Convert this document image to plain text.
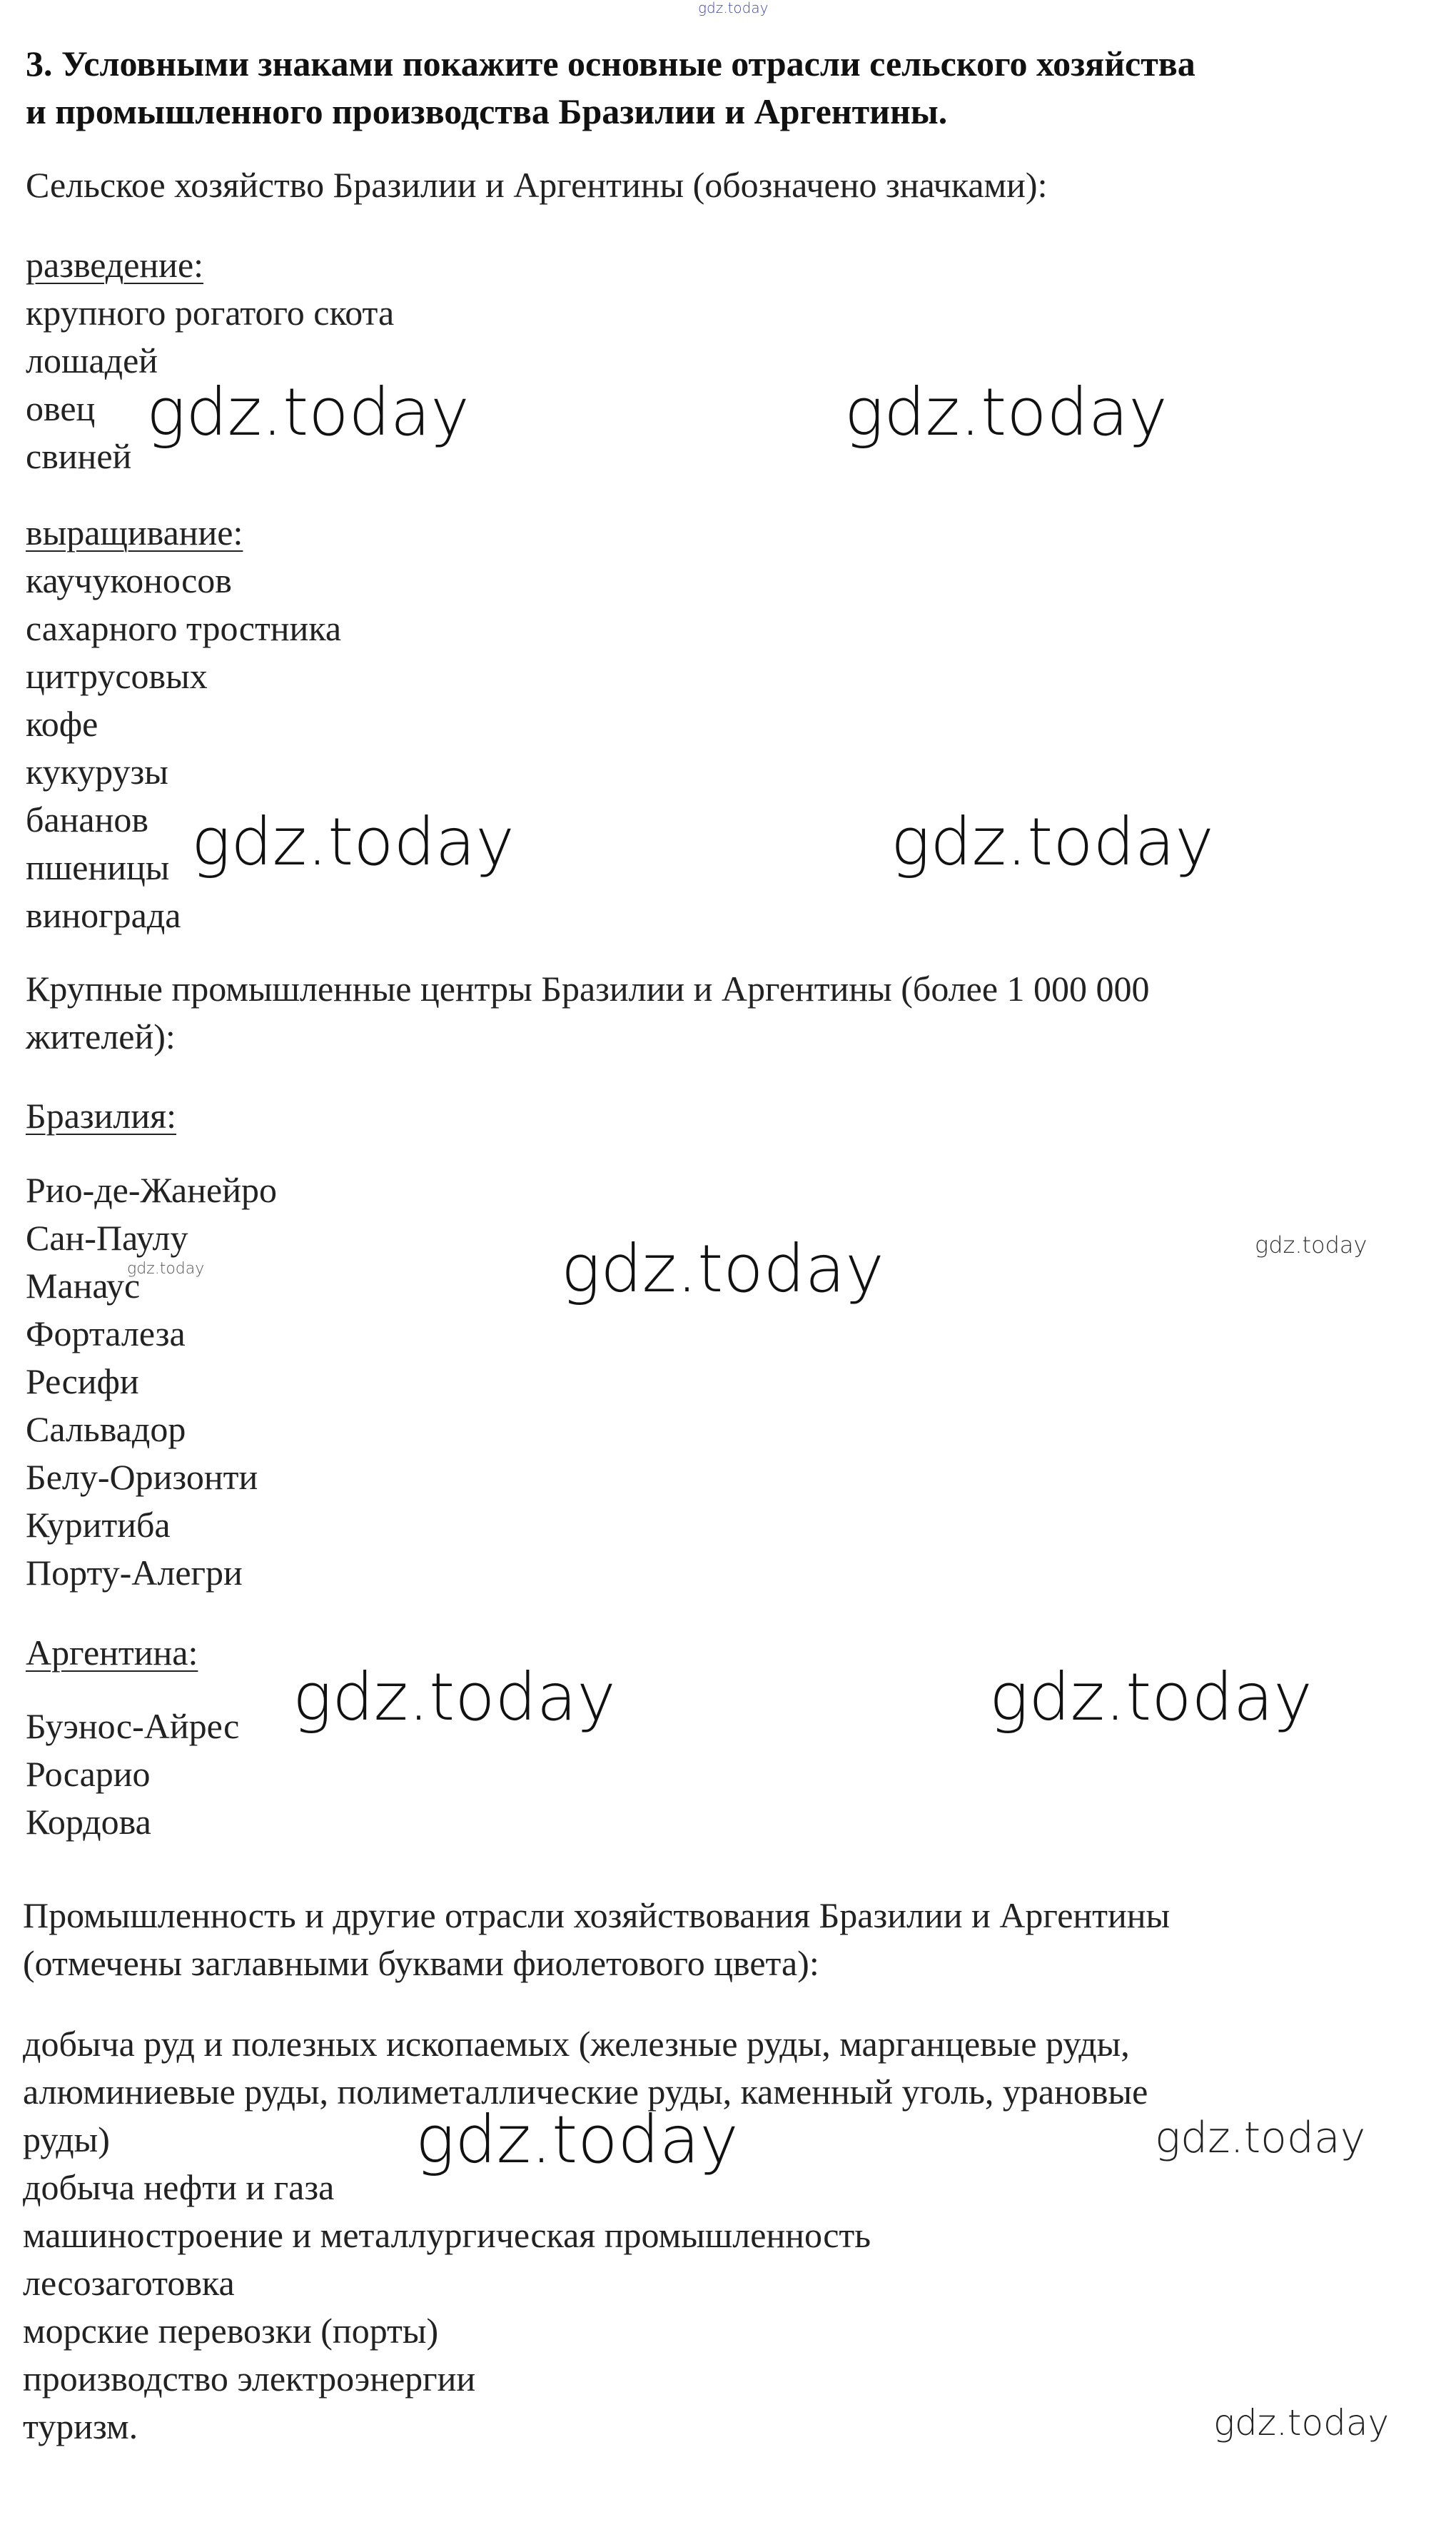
3. Условными знаками покажите основные отрасли сельского хозяйства
и промышленного производства Бразилии и Аргентины.
Сельское хозяйство Бразилии и Аргентины (обозначено значками):
разведение:
крупного рогатого скота
лошадей
овец
свиней
выращивание:
каучуконосов
сахарного тростника
цитрусовых
кофе
кукурузы
бананов
пшеницы
винограда
Крупные промышленные центры Бразилии и Аргентины (более 1 000 000
жителей):
Бразилия:
Рио-де-Жанейро
Сан-Паулу
Манаус
Форталеза
Ресифи
Сальвадор
Белу-Оризонти
Куритиба
Порту-Алегри
Аргентина:
Буэнос-Айрес
Росарио
Кордова
Промышленность и другие отрасли хозяйствования Бразилии и Аргентины
(отмечены заглавными буквами фиолетового цвета):
добыча руд и полезных ископаемых (железные руды, марганцевые руды,
алюминиевые руды, полиметаллические руды, каменный уголь, урановые
руды)
добыча нефти и газа
машиностроение и металлургическая промышленность
лесозаготовка
морские перевозки (порты)
производство электроэнергии
туризм.
gdz.today
gdz.today	gdz.today
gdz.today	gdz.today
gdz.today	gdz.today
gdz.today
gdz.today	gdz.today
gdz.today	gdz.today
gdz.today
